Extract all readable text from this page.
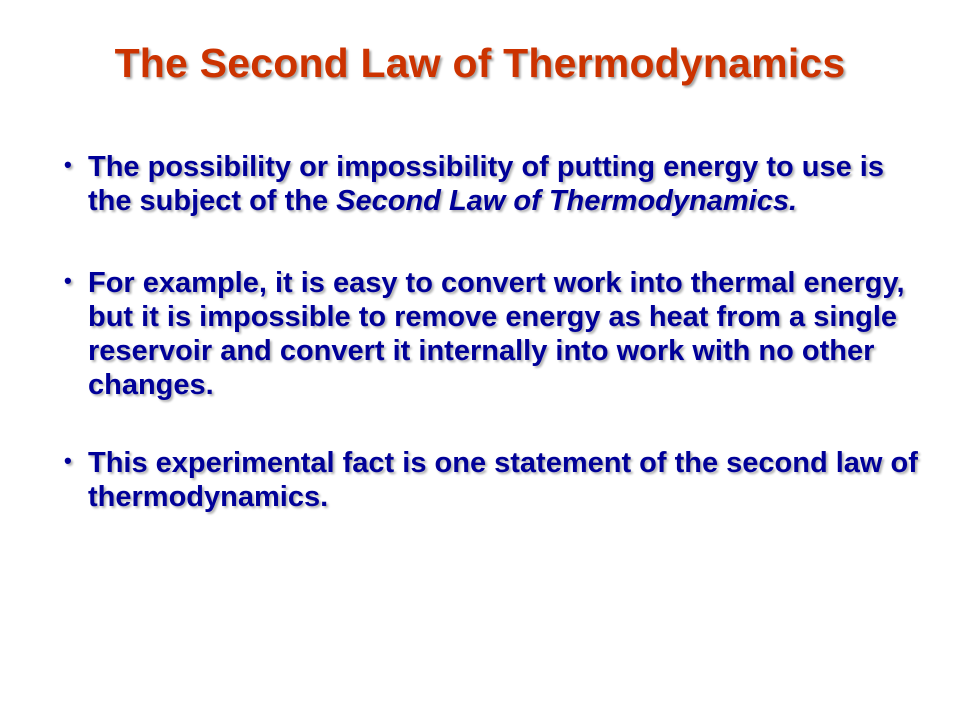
The Second Law of Thermodynamics
• The possibility or impossibility of putting energy to use is the subject of the Second Law of Thermodynamics.
• For example, it is easy to convert work into thermal energy, but it is impossible to remove energy as heat from a single reservoir and convert it internally into work with no other changes.
• This experimental fact is one statement of the second law of thermodynamics.
